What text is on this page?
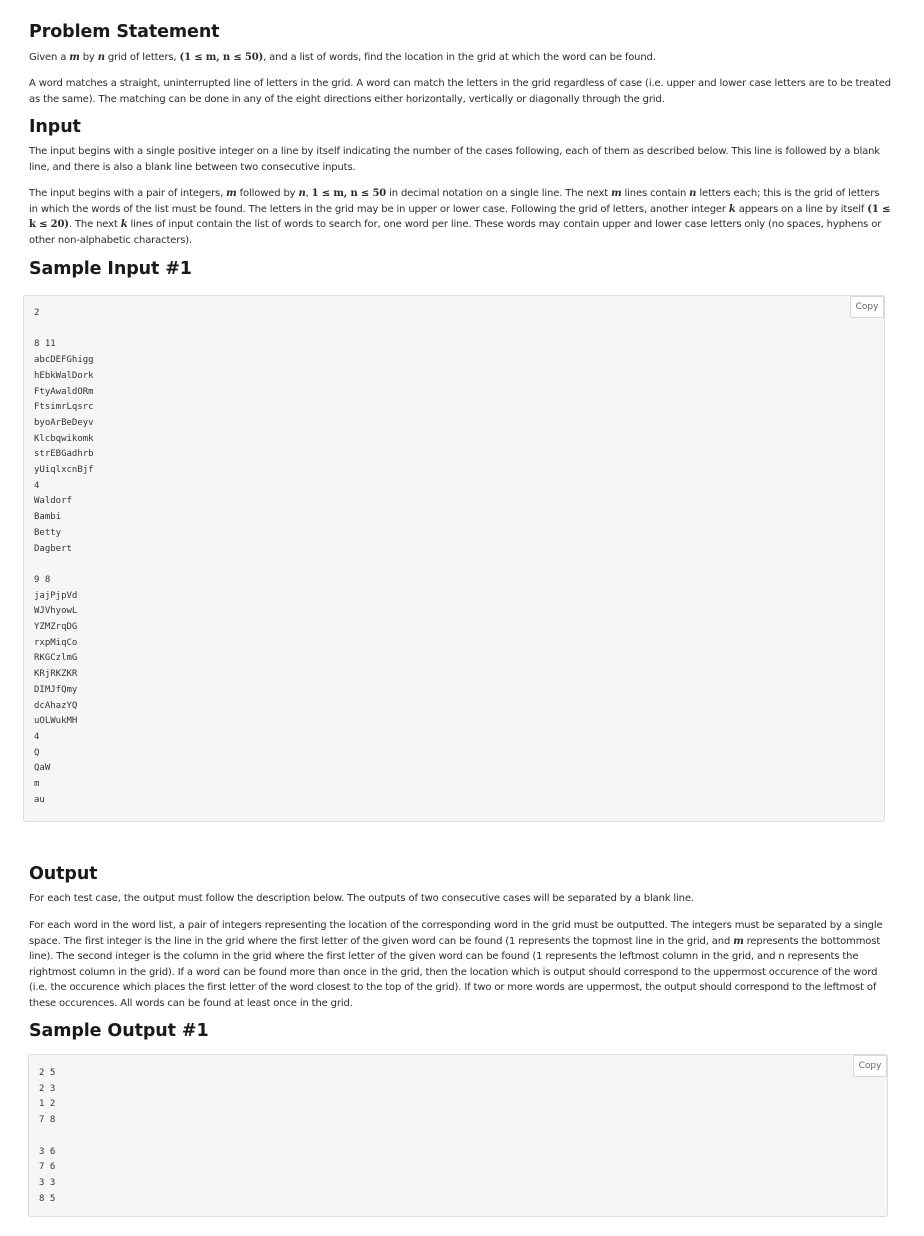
Problem Statement

Given a m by n grid of letters, (1 ≤ m, n ≤ 50), and a list of words, find the location in the grid at which the word can be found.

A word matches a straight, uninterrupted line of letters in the grid. A word can match the letters in the grid regardless of case (i.e. upper and lower case letters are to be treated as the same). The matching can be done in any of the eight directions either horizontally, vertically or diagonally through the grid.

Input

The input begins with a single positive integer on a line by itself indicating the number of the cases following, each of them as described below. This line is followed by a blank line, and there is also a blank line between two consecutive inputs.

The input begins with a pair of integers, m followed by n, 1 ≤ m, n ≤ 50 in decimal notation on a single line. The next m lines contain n letters each; this is the grid of letters in which the words of the list must be found. The letters in the grid may be in upper or lower case. Following the grid of letters, another integer k appears on a line by itself (1 ≤ k ≤ 20). The next k lines of input contain the list of words to search for, one word per line. These words may contain upper and lower case letters only (no spaces, hyphens or other non-alphabetic characters).

Sample Input #1
Copy
2

8 11
abcDEFGhigg
hEbkWalDork
FtyAwaldORm
FtsimrLqsrc
byoArBeDeyv
Klcbqwikomk
strEBGadhrb
yUiqlxcnBjf
4
Waldorf
Bambi
Betty
Dagbert

9 8
jajPjpVd
WJVhyowL
YZMZrqDG
rxpMiqCo
RKGCzlmG
KRjRKZKR
DIMJfQmy
dcAhazYQ
uOLWukMH
4
Q
QaW
m
au
Output

For each test case, the output must follow the description below. The outputs of two consecutive cases will be separated by a blank line.

For each word in the word list, a pair of integers representing the location of the corresponding word in the grid must be outputted. The integers must be separated by a single space. The first integer is the line in the grid where the first letter of the given word can be found (1 represents the topmost line in the grid, and m represents the bottommost line). The second integer is the column in the grid where the first letter of the given word can be found (1 represents the leftmost column in the grid, and n represents the rightmost column in the grid). If a word can be found more than once in the grid, then the location which is output should correspond to the uppermost occurence of the word (i.e. the occurence which places the first letter of the word closest to the top of the grid). If two or more words are uppermost, the output should correspond to the leftmost of these occurences. All words can be found at least once in the grid.

Sample Output #1
Copy
2 5
2 3
1 2
7 8

3 6
7 6
3 3
8 5
